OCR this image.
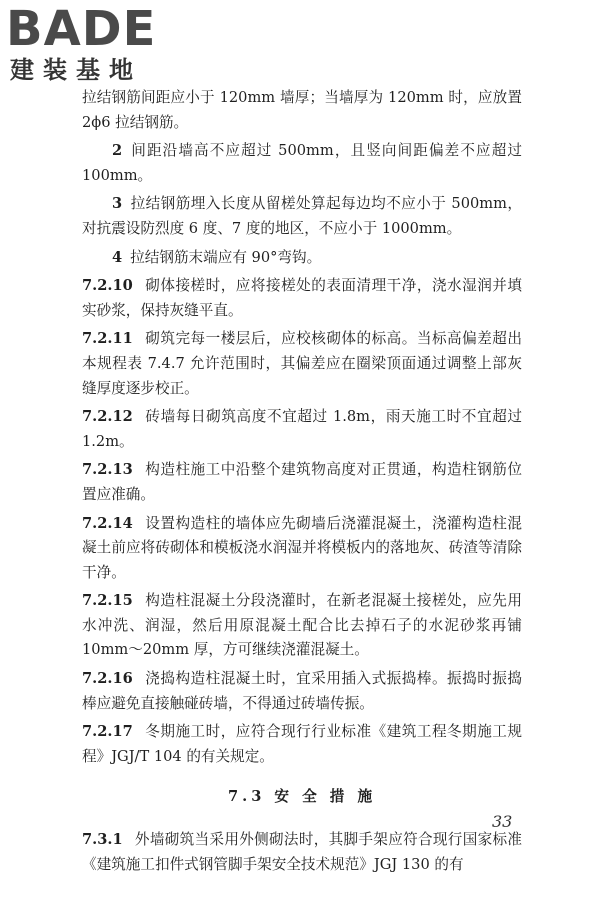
BADE
建装基地

拉结钢筋间距应小于 120mm 墙厚；当墙厚为 120mm 时，应放置 2ϕ6 拉结钢筋。

2 间距沿墙高不应超过 500mm，且竖向间距偏差不应超过 100mm。

3 拉结钢筋埋入长度从留槎处算起每边均不应小于 500mm，对抗震设防烈度 6 度、7 度的地区，不应小于 1000mm。

4 拉结钢筋末端应有 90°弯钩。

7.2.10 砌体接槎时，应将接槎处的表面清理干净，浇水湿润并填实砂浆，保持灰缝平直。

7.2.11 砌筑完每一楼层后，应校核砌体的标高。当标高偏差超出本规程表 7.4.7 允许范围时，其偏差应在圈梁顶面通过调整上部灰缝厚度逐步校正。

7.2.12 砖墙每日砌筑高度不宜超过 1.8m，雨天施工时不宜超过 1.2m。

7.2.13 构造柱施工中沿整个建筑物高度对正贯通，构造柱钢筋位置应准确。

7.2.14 设置构造柱的墙体应先砌墙后浇灌混凝土，浇灌构造柱混凝土前应将砖砌体和模板浇水润湿并将模板内的落地灰、砖渣等清除干净。

7.2.15 构造柱混凝土分段浇灌时，在新老混凝土接槎处，应先用水冲洗、润湿，然后用原混凝土配合比去掉石子的水泥砂浆再铺 10mm～20mm 厚，方可继续浇灌混凝土。

7.2.16 浇捣构造柱混凝土时，宜采用插入式振捣棒。振捣时振捣棒应避免直接触碰砖墙，不得通过砖墙传振。

7.2.17 冬期施工时，应符合现行行业标准《建筑工程冬期施工规程》JGJ/T 104 的有关规定。

7.3 安 全 措 施

7.3.1 外墙砌筑当采用外侧砌法时，其脚手架应符合现行国家标准《建筑施工扣件式钢管脚手架安全技术规范》JGJ 130 的有

33
